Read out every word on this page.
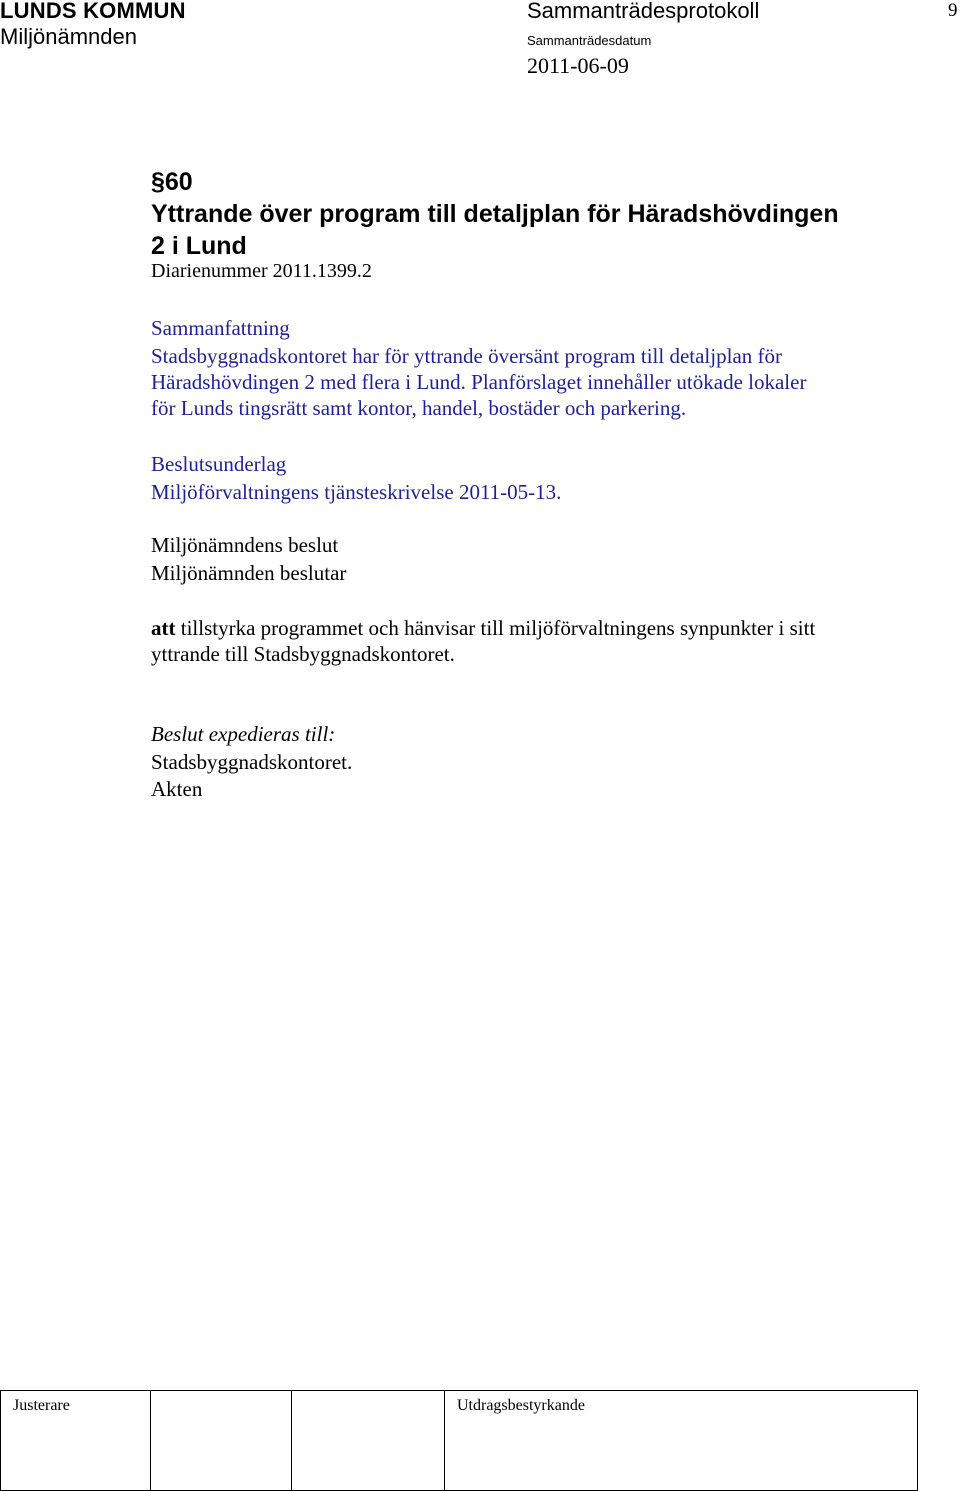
LUNDS KOMMUN
Miljönämnden
Sammanträdesprotokoll	9
Sammanträdesdatum
2011-06-09
§60
Yttrande över program till detaljplan för Häradshövdingen 2 i Lund
Diarienummer 2011.1399.2
Sammanfattning
Stadsbyggnadskontoret har för yttrande översänt program till detaljplan för
Häradshövdingen 2 med flera i Lund. Planförslaget innehåller utökade lokaler
för Lunds tingsrätt samt kontor, handel, bostäder och parkering.
Beslutsunderlag
Miljöförvaltningens tjänsteskrivelse 2011-05-13.
Miljönämndens beslut
Miljönämnden beslutar
att tillstyrka programmet och hänvisar till miljöförvaltningens synpunkter i sitt
yttrande till Stadsbyggnadskontoret.
Beslut expedieras till:
Stadsbyggnadskontoret.
Akten
Justerare			Utdragsbestyrkande
